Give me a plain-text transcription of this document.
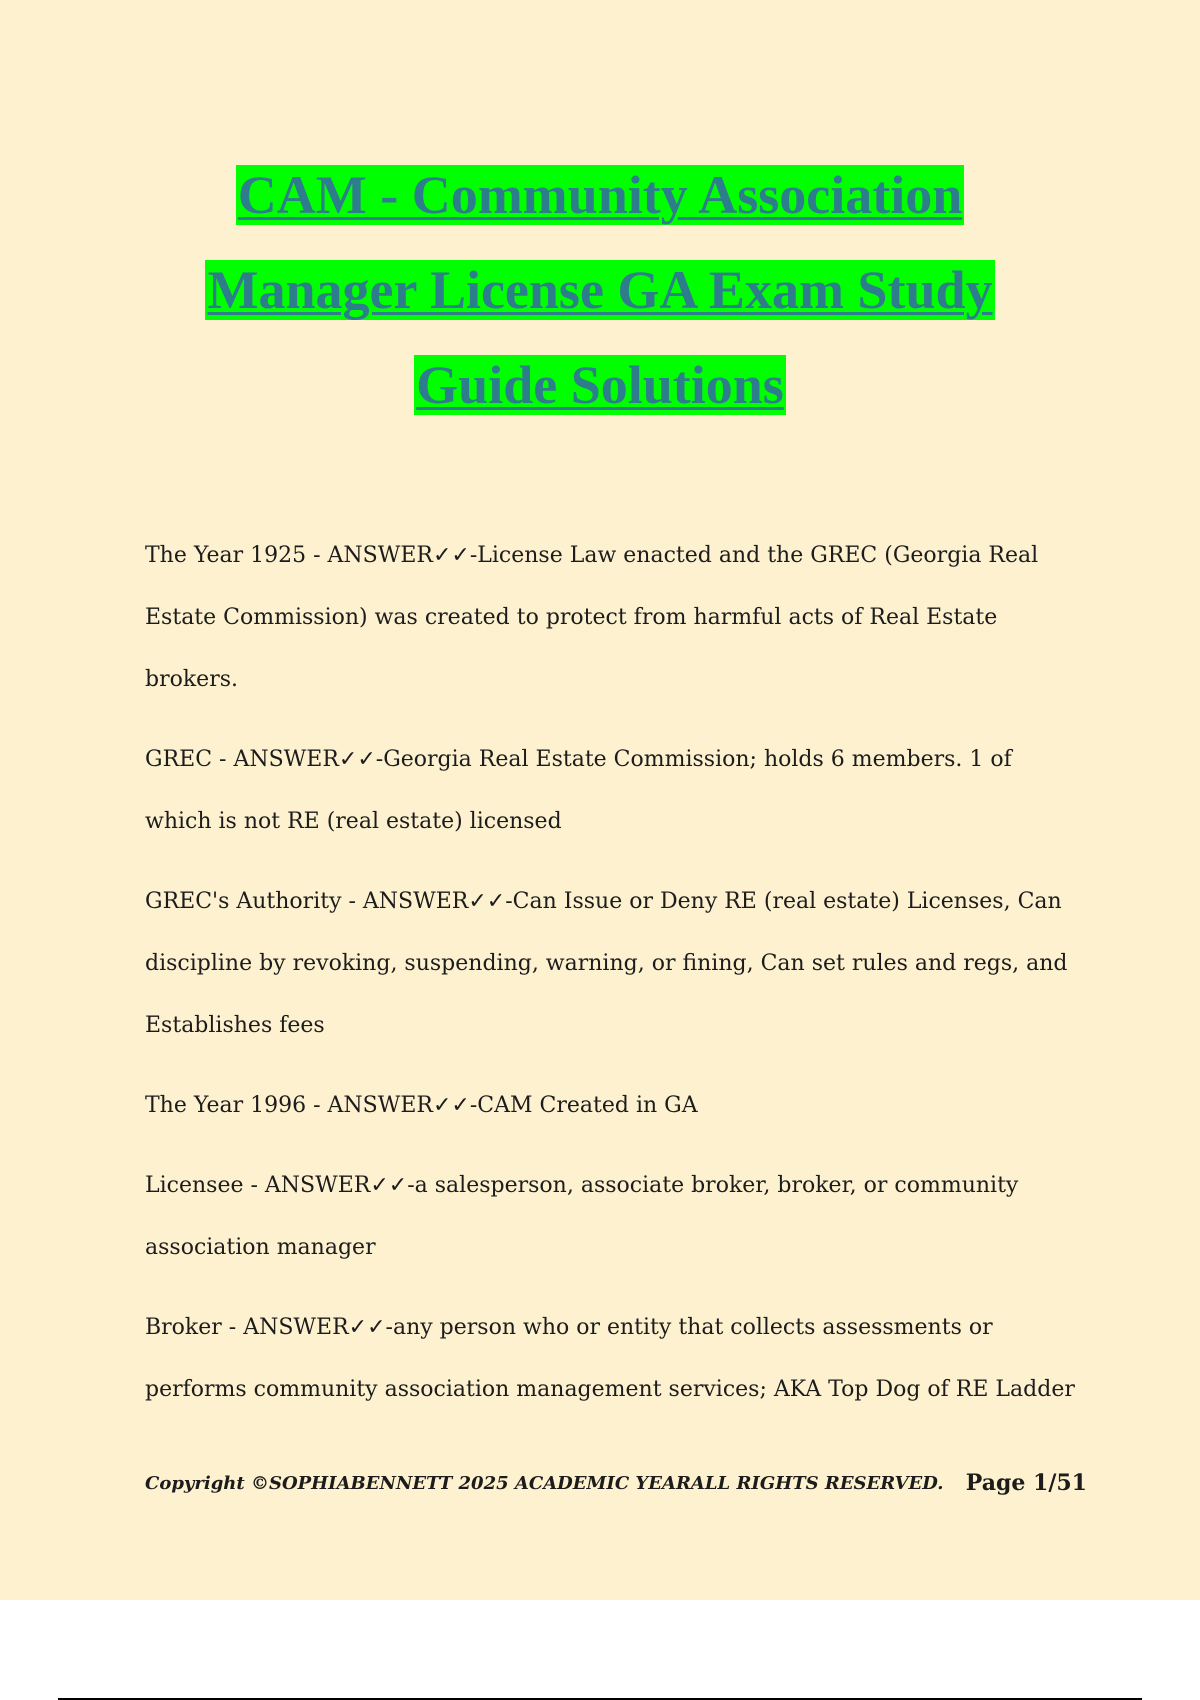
CAM - Community Association
Manager License GA Exam Study
Guide Solutions

The Year 1925 - ANSWER✓✓-License Law enacted and the GREC (Georgia Real Estate Commission) was created to protect from harmful acts of Real Estate brokers.

GREC - ANSWER✓✓-Georgia Real Estate Commission; holds 6 members. 1 of which is not RE (real estate) licensed

GREC's Authority - ANSWER✓✓-Can Issue or Deny RE (real estate) Licenses, Can discipline by revoking, suspending, warning, or fining, Can set rules and regs, and Establishes fees

The Year 1996 - ANSWER✓✓-CAM Created in GA

Licensee - ANSWER✓✓-a salesperson, associate broker, broker, or community association manager

Broker - ANSWER✓✓-any person who or entity that collects assessments or performs community association management services; AKA Top Dog of RE Ladder

Copyright ©SOPHIABENNETT 2025 ACADEMIC YEARALL RIGHTS RESERVED. Page 1/51
